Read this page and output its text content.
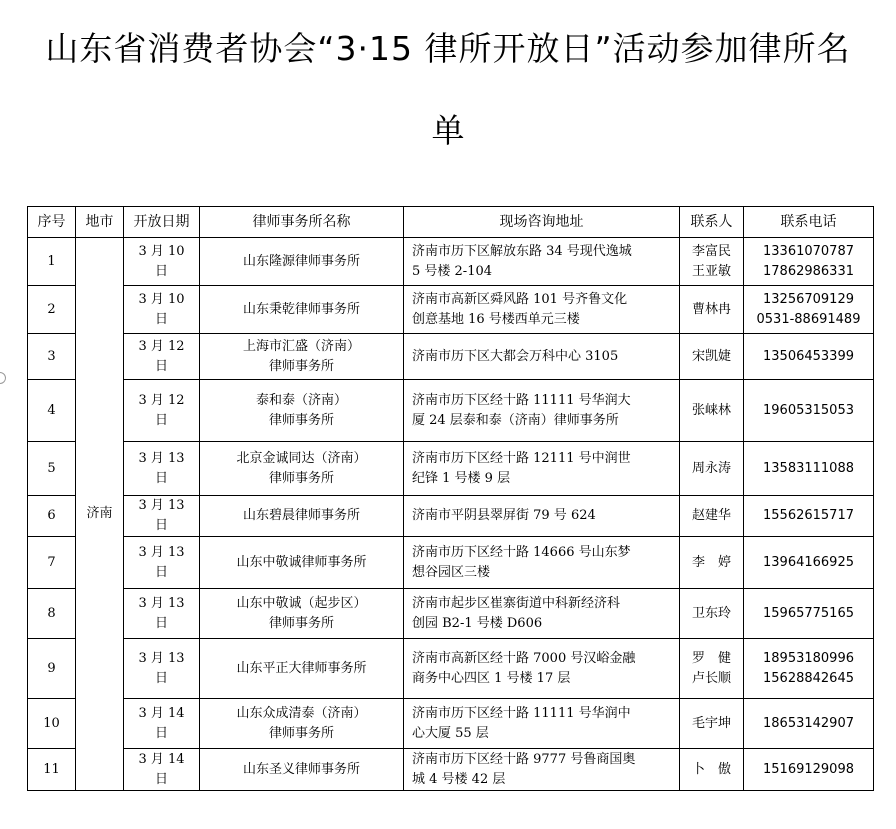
山东省消费者协会“3·15 律所开放日”活动参加律所名
单
序号	地市	开放日期	律师事务所名称	现场咨询地址	联系人	联系电话
1	济南	3 月 10
日	山东隆源律师事务所	济南市历下区解放东路 34 号现代逸城
5 号楼 2-104	李富民
王亚敏	13361070787
17862986331

2		3 月 10
日	山东秉乾律师事务所	济南市高新区舜风路 101 号齐鲁文化
创意基地 16 号楼西单元三楼	曹林冉	13256709129
0531-88691489

3		3 月 12
日	上海市汇盛（济南）
律师事务所	济南市历下区大都会万科中心 3105	宋凯婕	13506453399

4		3 月 12
日	泰和泰（济南）
律师事务所	济南市历下区经十路 11111 号华润大
厦 24 层泰和泰（济南）律师事务所	张崃林	19605315053

5		3 月 13
日	北京金诚同达（济南）
律师事务所	济南市历下区经十路 12111 号中润世
纪锋 1 号楼 9 层	周永涛	13583111088

6		3 月 13
日	山东碧晨律师事务所	济南市平阴县翠屏街 79 号 624	赵建华	15562615717

7		3 月 13
日	山东中敬诚律师事务所	济南市历下区经十路 14666 号山东梦
想谷园区三楼	李　婷	13964166925

8		3 月 13
日	山东中敬诚（起步区）
律师事务所	济南市起步区崔寨街道中科新经济科
创园 B2-1 号楼 D606	卫东玲	15965775165

9		3 月 13
日	山东平正大律师事务所	济南市高新区经十路 7000 号汉峪金融
商务中心四区 1 号楼 17 层	罗　健
卢长顺	18953180996
15628842645

10		3 月 14
日	山东众成清泰（济南）
律师事务所	济南市历下区经十路 11111 号华润中
心大厦 55 层	毛宇坤	18653142907

11		3 月 14
日	山东圣义律师事务所	济南市历下区经十路 9777 号鲁商国奥
城 4 号楼 42 层	卜　傲	15169129098
